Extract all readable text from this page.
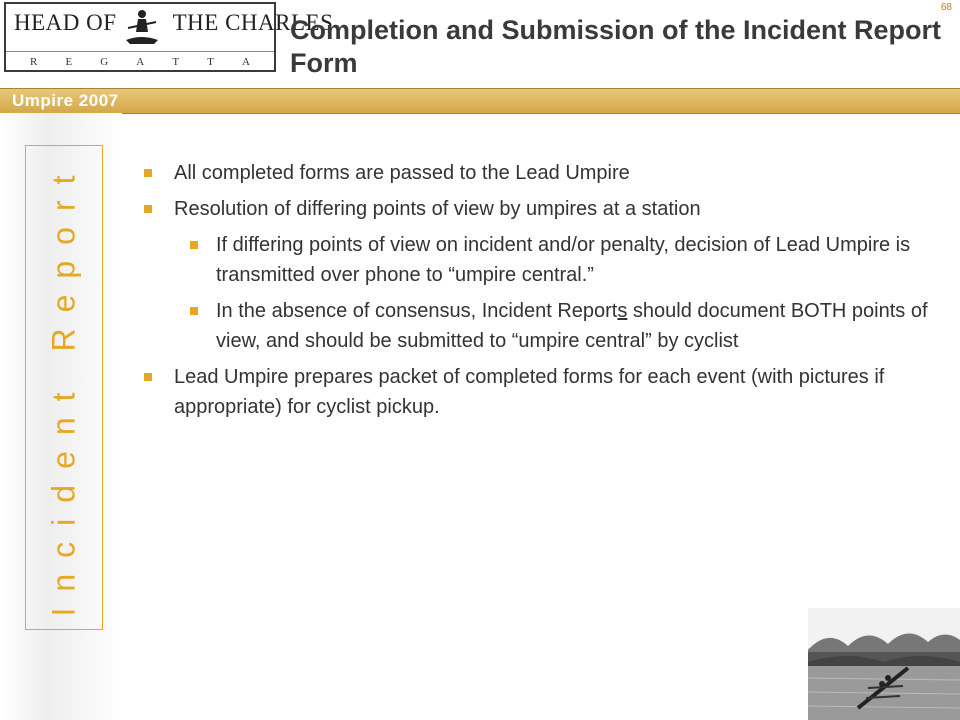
HEAD OF THE CHARLES
R	E	G	A	T	T	A
68
Completion and Submission of the Incident Report Form
Umpire 2007
Incident Report	All completed forms are passed to the Lead Umpire
Resolution of differing points of view by umpires at a station
If differing points of view on incident and/or penalty, decision of Lead Umpire is transmitted over phone to “umpire central.”
In the absence of consensus, Incident Reports should document BOTH points of view, and should be submitted to “umpire central” by cyclist
Lead Umpire prepares packet of completed forms for each event (with pictures if appropriate) for cyclist pickup.
